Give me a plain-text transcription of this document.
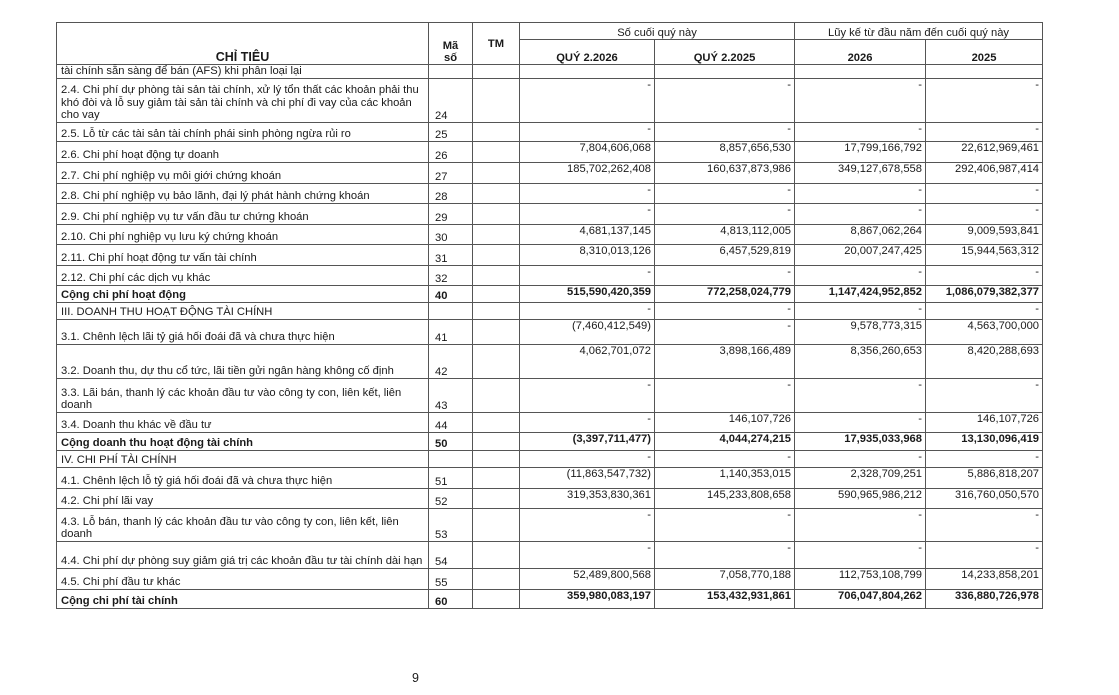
CHỈ TIÊU	Mã
số	TM	Số cuối quý này		Lũy kế từ đầu năm đến cuối quý này	
			QUÝ 2.2026	QUÝ 2.2025	2026	2025
tài chính sẵn sàng để bán (AFS) khi phân loại lại						
2.4. Chi phí dự phòng tài sản tài chính, xử lý tổn thất các khoản phải thu khó đòi và lỗ suy giảm tài sản tài chính và chi phí đi vay của các khoản cho vay	24		-	-	-	-
2.5. Lỗ từ các tài sản tài chính phái sinh phòng ngừa rủi ro	25		-	-	-	-
2.6. Chi phí hoạt động tự doanh	26		7,804,606,068	8,857,656,530	17,799,166,792	22,612,969,461
2.7. Chi phí nghiệp vụ môi giới chứng khoán	27		185,702,262,408	160,637,873,986	349,127,678,558	292,406,987,414
2.8. Chi phí nghiệp vụ bảo lãnh, đại lý phát hành chứng khoán	28		-	-	-	-
2.9. Chi phí nghiệp vụ tư vấn đầu tư chứng khoán	29		-	-	-	-
2.10. Chi phí nghiệp vụ lưu ký chứng khoán	30		4,681,137,145	4,813,112,005	8,867,062,264	9,009,593,841
2.11. Chi phí hoạt động tư vấn tài chính	31		8,310,013,126	6,457,529,819	20,007,247,425	15,944,563,312
2.12. Chi phí các dịch vụ khác	32		-	-	-	-
Cộng chi phí hoạt động	40		515,590,420,359	772,258,024,779	1,147,424,952,852	1,086,079,382,377
III. DOANH THU HOẠT ĐỘNG TÀI CHÍNH			-	-	-	-
3.1. Chênh lệch lãi tỷ giá hối đoái đã và chưa thực hiện	41		(7,460,412,549)	-	9,578,773,315	4,563,700,000
3.2. Doanh thu, dự thu cổ tức, lãi tiền gửi ngân hàng không cố định	42		4,062,701,072	3,898,166,489	8,356,260,653	8,420,288,693
3.3. Lãi bán, thanh lý các khoản đầu tư vào công ty con, liên kết, liên doanh	43		-	-	-	-
3.4. Doanh thu khác về đầu tư	44		-	146,107,726	-	146,107,726
Cộng doanh thu hoạt động tài chính	50		(3,397,711,477)	4,044,274,215	17,935,033,968	13,130,096,419
IV. CHI PHÍ TÀI CHÍNH			-	-	-	-
4.1. Chênh lệch lỗ tỷ giá hối đoái đã và chưa thực hiện	51		(11,863,547,732)	1,140,353,015	2,328,709,251	5,886,818,207
4.2. Chi phí lãi vay	52		319,353,830,361	145,233,808,658	590,965,986,212	316,760,050,570
4.3. Lỗ bán, thanh lý các khoản đầu tư vào công ty con, liên kết, liên doanh	53		-	-	-	-
4.4. Chi phí dự phòng suy giảm giá trị các khoản đầu tư tài chính dài hạn	54		-	-	-	-
4.5. Chi phí đầu tư khác	55		52,489,800,568	7,058,770,188	112,753,108,799	14,233,858,201
Cộng chi phí tài chính	60		359,980,083,197	153,432,931,861	706,047,804,262	336,880,726,978
9
